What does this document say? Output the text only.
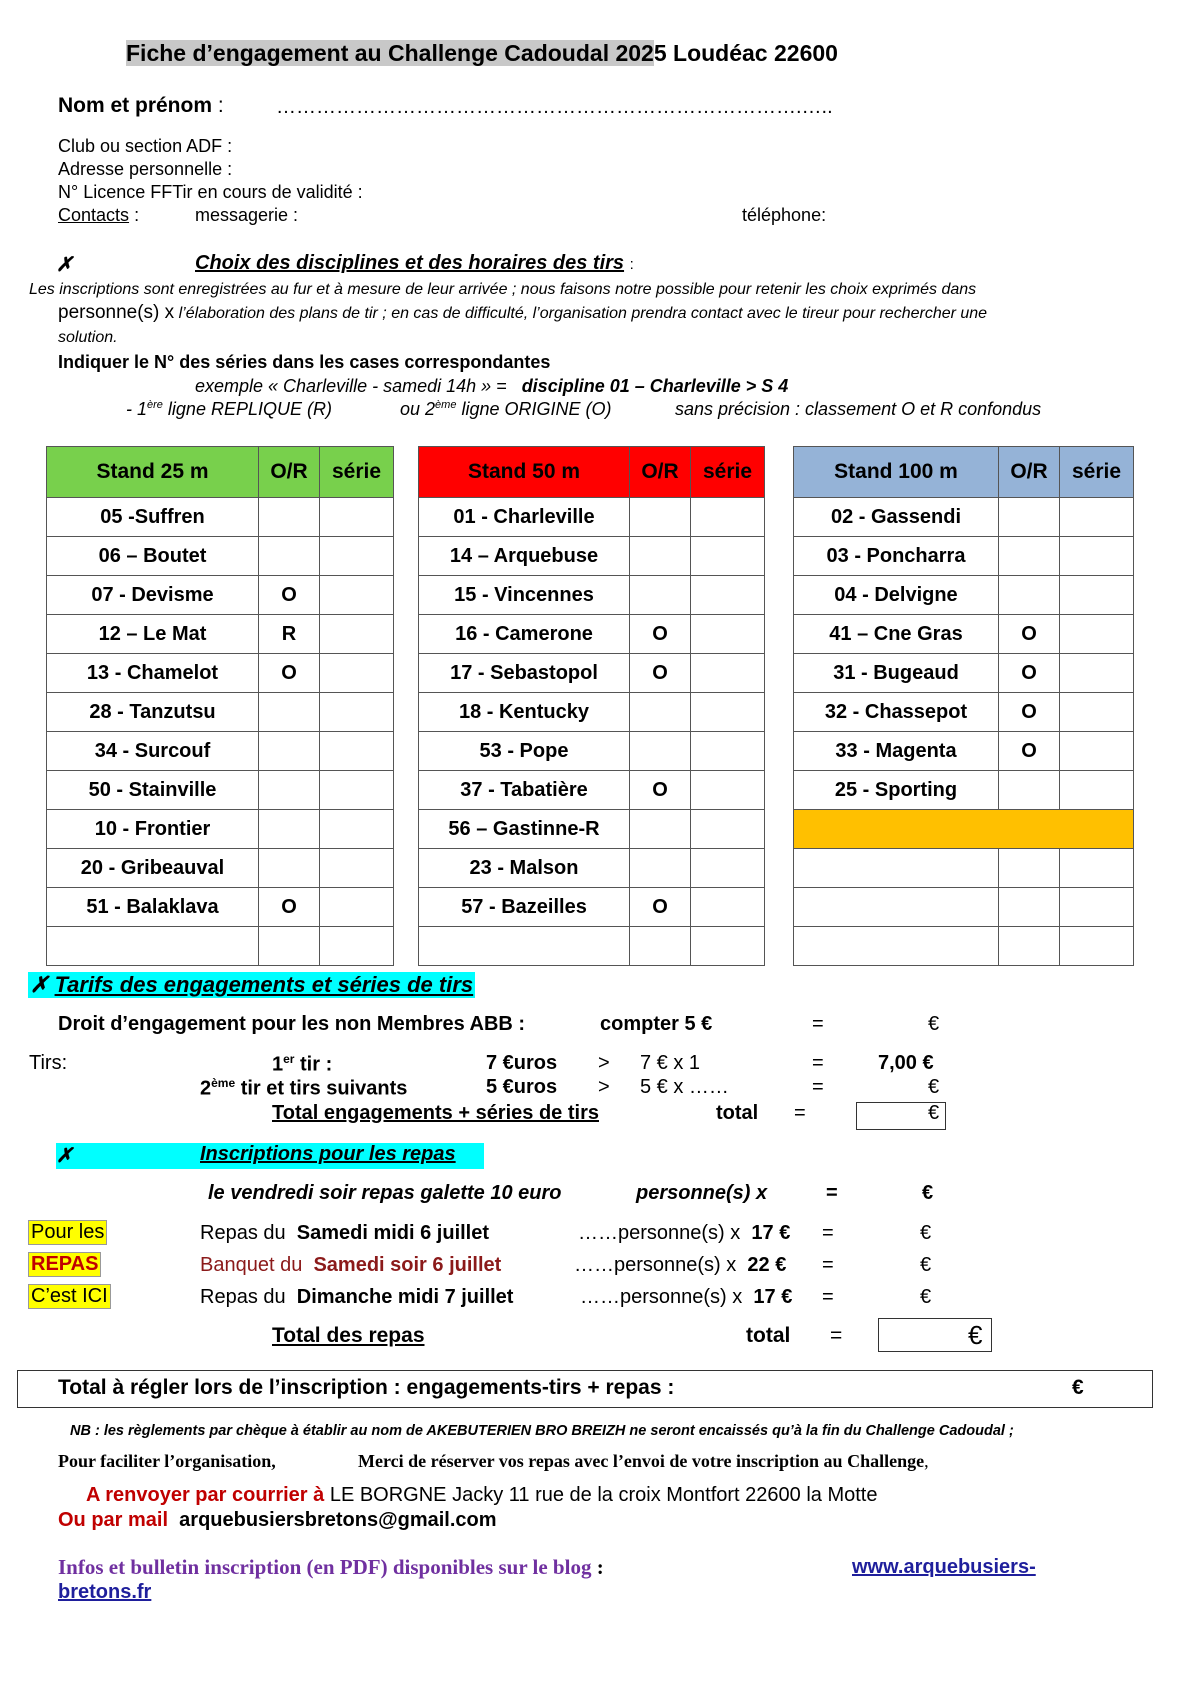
Fiche d’engagement au Challenge Cadoudal 2025 Loudéac 22600
Nom et prénom :	…………………………………………………………………….…..
Club ou section ADF :
Adresse personnelle :
N° Licence FFTir en cours de validité :
Contacts :	messagerie :	téléphone:
✗	Choix des disciplines et des horaires des tirs :
Les inscriptions sont enregistrées au fur et à mesure de leur arrivée ; nous faisons notre possible pour retenir les choix exprimés dans
personne(s) x l’élaboration des plans de tir ; en cas de difficulté, l’organisation prendra contact avec le tireur pour rechercher une
solution.
Indiquer le N° des séries dans les cases correspondantes
exemple « Charleville - samedi 14h » = discipline 01 – Charleville > S 4
- 1ère ligne REPLIQUE (R)	ou 2ème ligne ORIGINE (O)	sans précision : classement O et R confondus
Stand 25 m	O/R	série
05 -Suffren		
06 – Boutet		
07 - Devisme	O	
12 – Le Mat	R	
13 - Chamelot	O	
28 - Tanzutsu		
34 - Surcouf		
50 - Stainville		
10 - Frontier		
20 - Gribeauval		
51 - Balaklava	O	

Stand 50 m	O/R	série
01 - Charleville		
14 – Arquebuse		
15 - Vincennes		
16 - Camerone	O	
17 - Sebastopol	O	
18 - Kentucky		
53 - Pope		
37 - Tabatière	O	
56 – Gastinne-R		
23 - Malson		
57 - Bazeilles	O	

Stand 100 m	O/R	série
02 - Gassendi		
03 - Poncharra		
04 - Delvigne		
41 – Cne Gras	O	
31 - Bugeaud	O	
32 - Chassepot	O	
33 - Magenta	O	
25 - Sporting		

✗ Tarifs des engagements et séries de tirs
Droit d’engagement pour les non Membres ABB :	compter 5 €	=	€
Tirs:	1er tir :	7 €uros > 7 € x 1	=	7,00 €
2ème tir et tirs suivants	5 €uros > 5 € x ……	=	€
Total engagements + séries de tirs	total =	€
✗	Inscriptions pour les repas
le vendredi soir repas galette 10 euro	personne(s) x	=	€
Pour les
REPAS
C’est ICI
Repas du Samedi midi 6 juillet	……personne(s) x 17 € =	€
Banquet du Samedi soir 6 juillet	……personne(s) x 22 € =	€
Repas du Dimanche midi 7 juillet	……personne(s) x 17 € =	€
Total des repas	total =	€
Total à régler lors de l’inscription : engagements-tirs + repas :	€
NB : les règlements par chèque à établir au nom de AKEBUTERIEN BRO BREIZH ne seront encaissés qu’à la fin du Challenge Cadoudal ;
Pour faciliter l’organisation,	Merci de réserver vos repas avec l’envoi de votre inscription au Challenge,
A renvoyer par courrier à LE BORGNE Jacky 11 rue de la croix Montfort 22600 la Motte
Ou par mail arquebusiersbretons@gmail.com
Infos et bulletin inscription (en PDF) disponibles sur le blog :	www.arquebusiers-
bretons.fr
